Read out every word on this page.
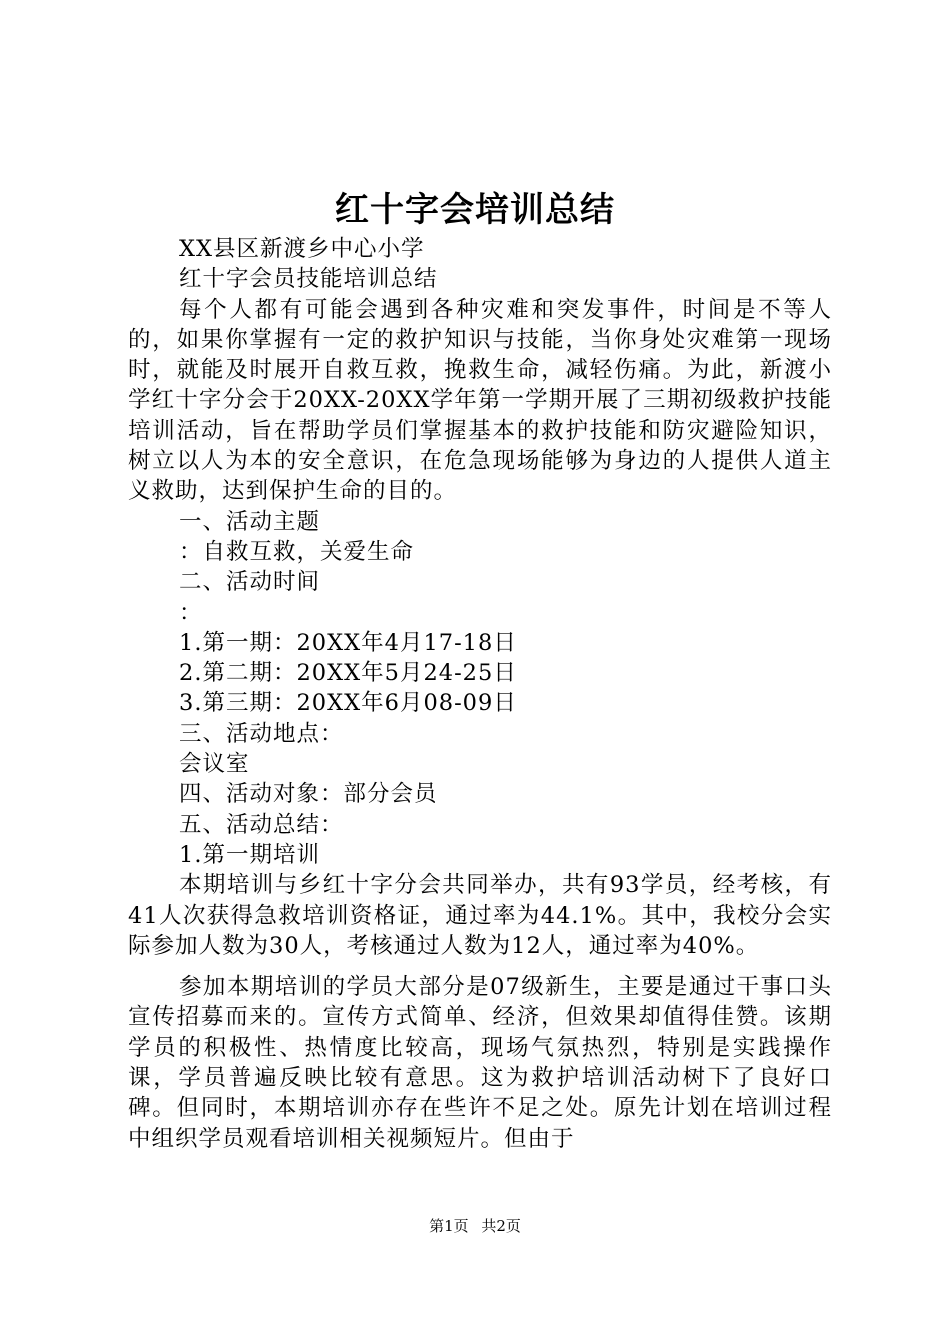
红十字会培训总结
XX县区新渡乡中心小学
红十字会员技能培训总结

每个人都有可能会遇到各种灾难和突发事件，时间是不等人的，如果你掌握有一定的救护知识与技能，当你身处灾难第一现场时，就能及时展开自救互救，挽救生命，减轻伤痛。为此，新渡小学红十字分会于20XX-20XX学年第一学期开展了三期初级救护技能培训活动，旨在帮助学员们掌握基本的救护技能和防灾避险知识，树立以人为本的安全意识，在危急现场能够为身边的人提供人道主义救助，达到保护生命的目的。

一、活动主题
：自救互救，关爱生命
二、活动时间
：
1.第一期：20XX年4月17-18日
2.第二期：20XX年5月24-25日
3.第三期：20XX年6月08-09日
三、活动地点：
会议室
四、活动对象：部分会员
五、活动总结：
1.第一期培训

本期培训与乡红十字分会共同举办，共有93学员，经考核，有41人次获得急救培训资格证，通过率为44.1%。其中，我校分会实际参加人数为30人，考核通过人数为12人，通过率为40%。

参加本期培训的学员大部分是07级新生，主要是通过干事口头宣传招募而来的。宣传方式简单、经济，但效果却值得佳赞。该期学员的积极性、热情度比较高，现场气氛热烈，特别是实践操作课，学员普遍反映比较有意思。这为救护培训活动树下了良好口碑。但同时，本期培训亦存在些许不足之处。原先计划在培训过程中组织学员观看培训相关视频短片。但由于

第1页 共2页
